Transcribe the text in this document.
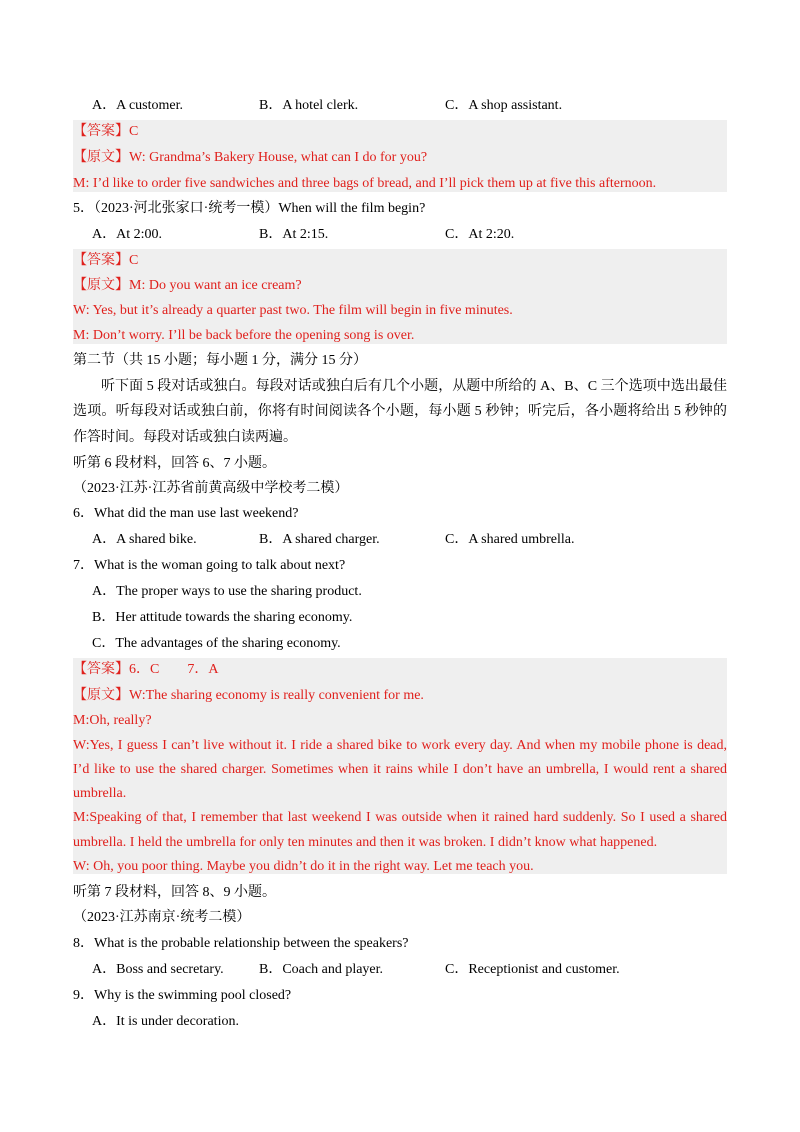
A．A customer.	B．A hotel clerk.	C．A shop assistant.
【答案】C
【原文】W: Grandma’s Bakery House, what can I do for you?
M: I’d like to order five sandwiches and three bags of bread, and I’ll pick them up at five this afternoon.
5．（2023·河北张家口·统考一模）When will the film begin?
A．At 2:00.	B．At 2:15.	C．At 2:20.
【答案】C
【原文】M: Do you want an ice cream?
W: Yes, but it’s already a quarter past two. The film will begin in five minutes.
M: Don’t worry. I’ll be back before the opening song is over.
第二节（共 15 小题；每小题 1 分，满分 15 分）
听下面 5 段对话或独白。每段对话或独白后有几个小题，从题中所给的 A、B、C 三个选项中选出最佳
选项。听每段对话或独白前，你将有时间阅读各个小题，每小题 5 秒钟；听完后，各小题将给出 5 秒钟的
作答时间。每段对话或独白读两遍。
听第 6 段材料，回答 6、7 小题。
（2023·江苏·江苏省前黄高级中学校考二模）
6．What did the man use last weekend?
A．A shared bike.	B．A shared charger.	C．A shared umbrella.
7．What is the woman going to talk about next?
A．The proper ways to use the sharing product.
B．Her attitude towards the sharing economy.
C．The advantages of the sharing economy.
【答案】6．C        7．A
【原文】W:The sharing economy is really convenient for me.
M:Oh, really?
W:Yes, I guess I can’t live without it. I ride a shared bike to work every day. And when my mobile phone is dead,
I’d like to use the shared charger. Sometimes when it rains while I don’t have an umbrella, I would rent a shared
umbrella.
M:Speaking of that, I remember that last weekend I was outside when it rained hard suddenly. So I used a shared
umbrella. I held the umbrella for only ten minutes and then it was broken. I didn’t know what happened.
W: Oh, you poor thing. Maybe you didn’t do it in the right way. Let me teach you.
听第 7 段材料，回答 8、9 小题。
（2023·江苏南京·统考二模）
8．What is the probable relationship between the speakers?
A．Boss and secretary.	B．Coach and player.	C．Receptionist and customer.
9．Why is the swimming pool closed?
A．It is under decoration.
